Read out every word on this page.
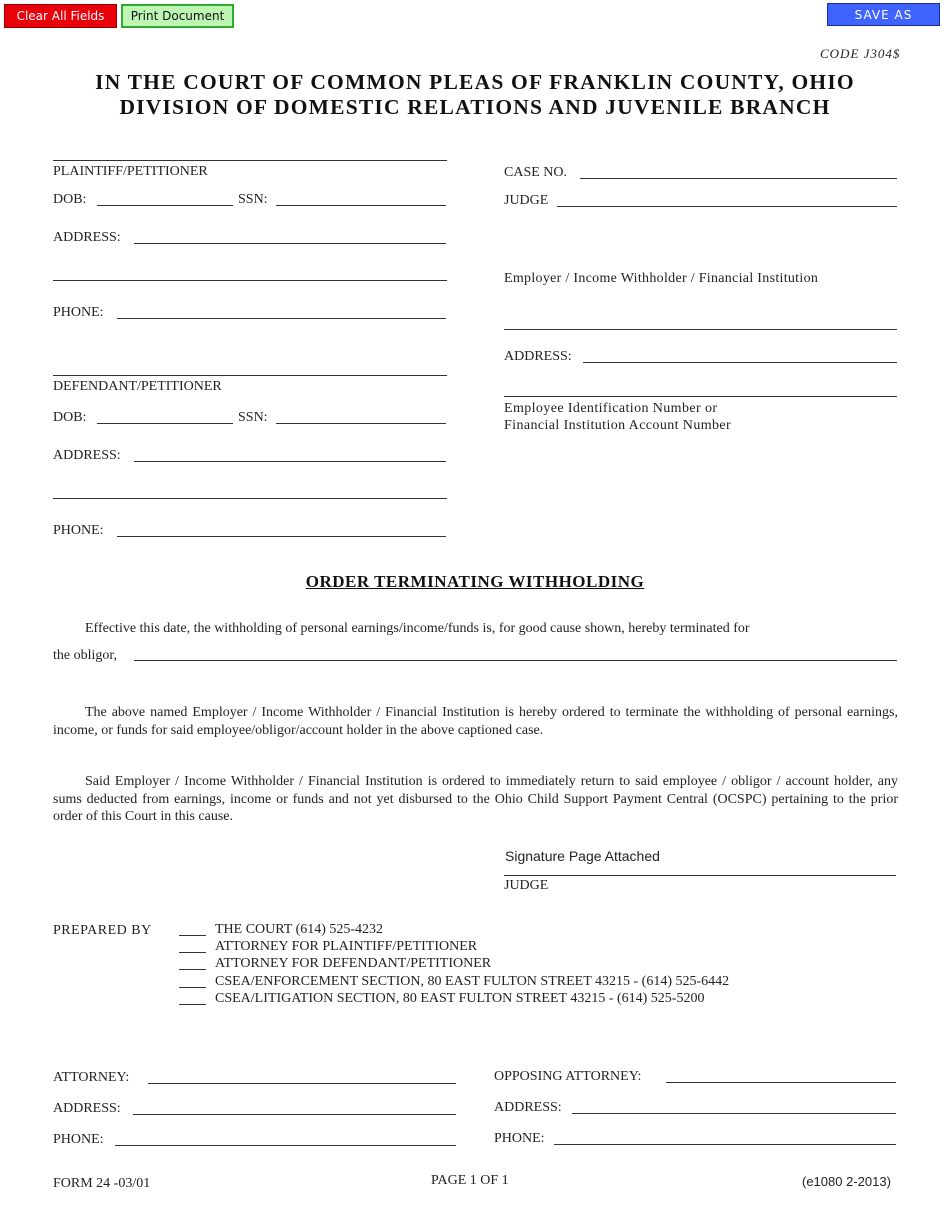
Clear All Fields	Print Document	SAVE AS
CODE J304$
IN THE COURT OF COMMON PLEAS OF FRANKLIN COUNTY, OHIO
DIVISION OF DOMESTIC RELATIONS AND JUVENILE BRANCH
PLAINTIFF/PETITIONER
DOB:	SSN:
ADDRESS:
PHONE:
DEFENDANT/PETITIONER
DOB:	SSN:
ADDRESS:
PHONE:
CASE NO.
JUDGE
Employer / Income Withholder / Financial Institution
ADDRESS:
Employee Identification Number or
Financial Institution Account Number
ORDER TERMINATING WITHHOLDING
Effective this date, the withholding of personal earnings/income/funds is, for good cause shown, hereby terminated for
the obligor,
The above named Employer / Income Withholder / Financial Institution is hereby ordered to terminate the withholding of personal earnings, income, or funds for said employee/obligor/account holder in the above captioned case.
Said Employer / Income Withholder / Financial Institution is ordered to immediately return to said employee / obligor / account holder, any sums deducted from earnings, income or funds and not yet disbursed to the Ohio Child Support Payment Central (OCSPC) pertaining to the prior order of this Court in this cause.
Signature Page Attached
JUDGE
PREPARED BY	THE COURT (614) 525-4232
ATTORNEY FOR PLAINTIFF/PETITIONER
ATTORNEY FOR DEFENDANT/PETITIONER
CSEA/ENFORCEMENT SECTION, 80 EAST FULTON STREET 43215 - (614) 525-6442
CSEA/LITIGATION SECTION, 80 EAST FULTON STREET 43215 - (614) 525-5200
ATTORNEY:
ADDRESS:
PHONE:
OPPOSING ATTORNEY:
ADDRESS:
PHONE:
FORM 24 -03/01	PAGE 1 OF 1	(e1080 2-2013)
